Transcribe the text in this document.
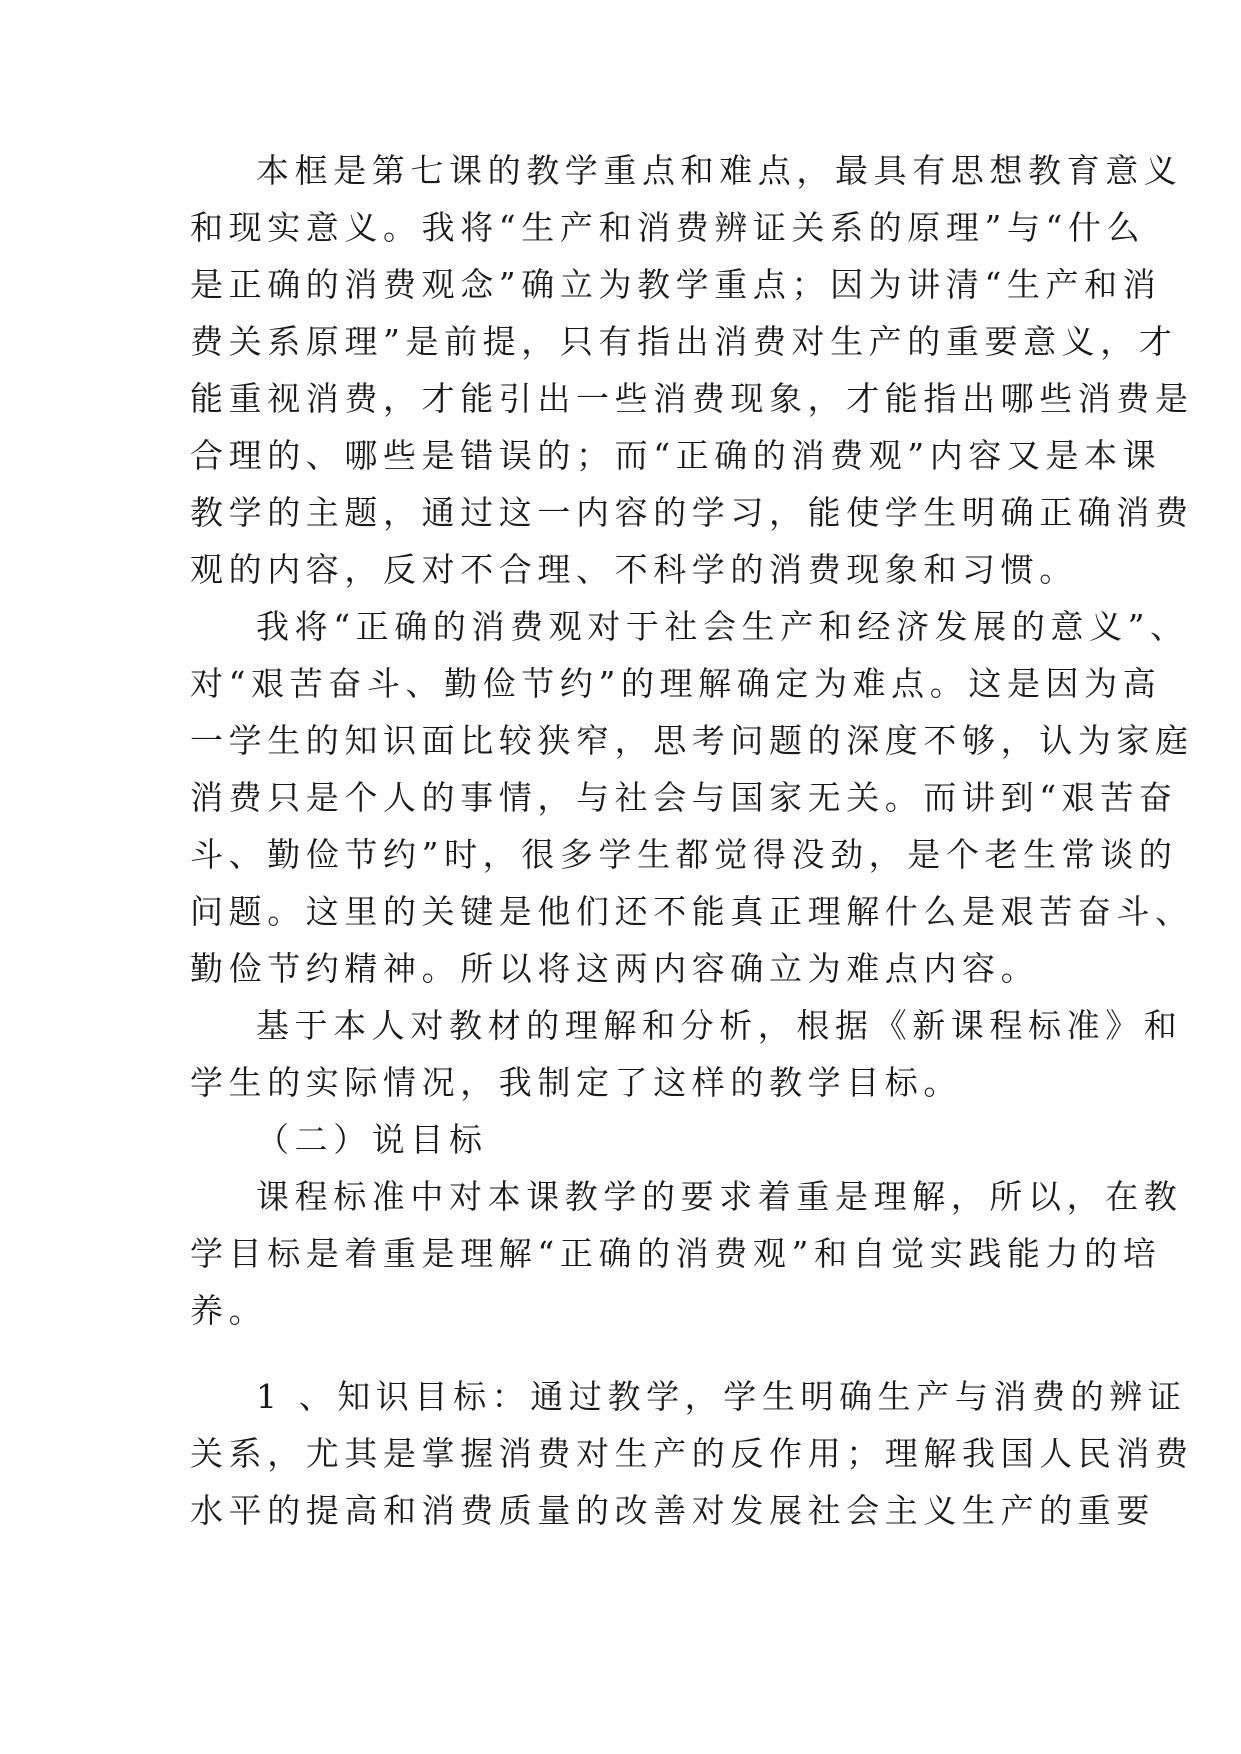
本框是第七课的教学重点和难点，最具有思想教育意义
和现实意义。我将“生产和消费辨证关系的原理”与“什么
是正确的消费观念”确立为教学重点；因为讲清“生产和消
费关系原理”是前提，只有指出消费对生产的重要意义，才
能重视消费，才能引出一些消费现象，才能指出哪些消费是
合理的、哪些是错误的；而“正确的消费观”内容又是本课
教学的主题，通过这一内容的学习，能使学生明确正确消费
观的内容，反对不合理、不科学的消费现象和习惯。
我将“正确的消费观对于社会生产和经济发展的意义”、
对“艰苦奋斗、勤俭节约”的理解确定为难点。这是因为高
一学生的知识面比较狭窄，思考问题的深度不够，认为家庭
消费只是个人的事情，与社会与国家无关。而讲到“艰苦奋
斗、勤俭节约”时，很多学生都觉得没劲，是个老生常谈的
问题。这里的关键是他们还不能真正理解什么是艰苦奋斗、
勤俭节约精神。所以将这两内容确立为难点内容。
基于本人对教材的理解和分析，根据《新课程标准》和
学生的实际情况，我制定了这样的教学目标。
（二）说目标
课程标准中对本课教学的要求着重是理解，所以，在教
学目标是着重是理解“正确的消费观”和自觉实践能力的培
养。
1 、知识目标：通过教学，学生明确生产与消费的辨证
关系，尤其是掌握消费对生产的反作用；理解我国人民消费
水平的提高和消费质量的改善对发展社会主义生产的重要
